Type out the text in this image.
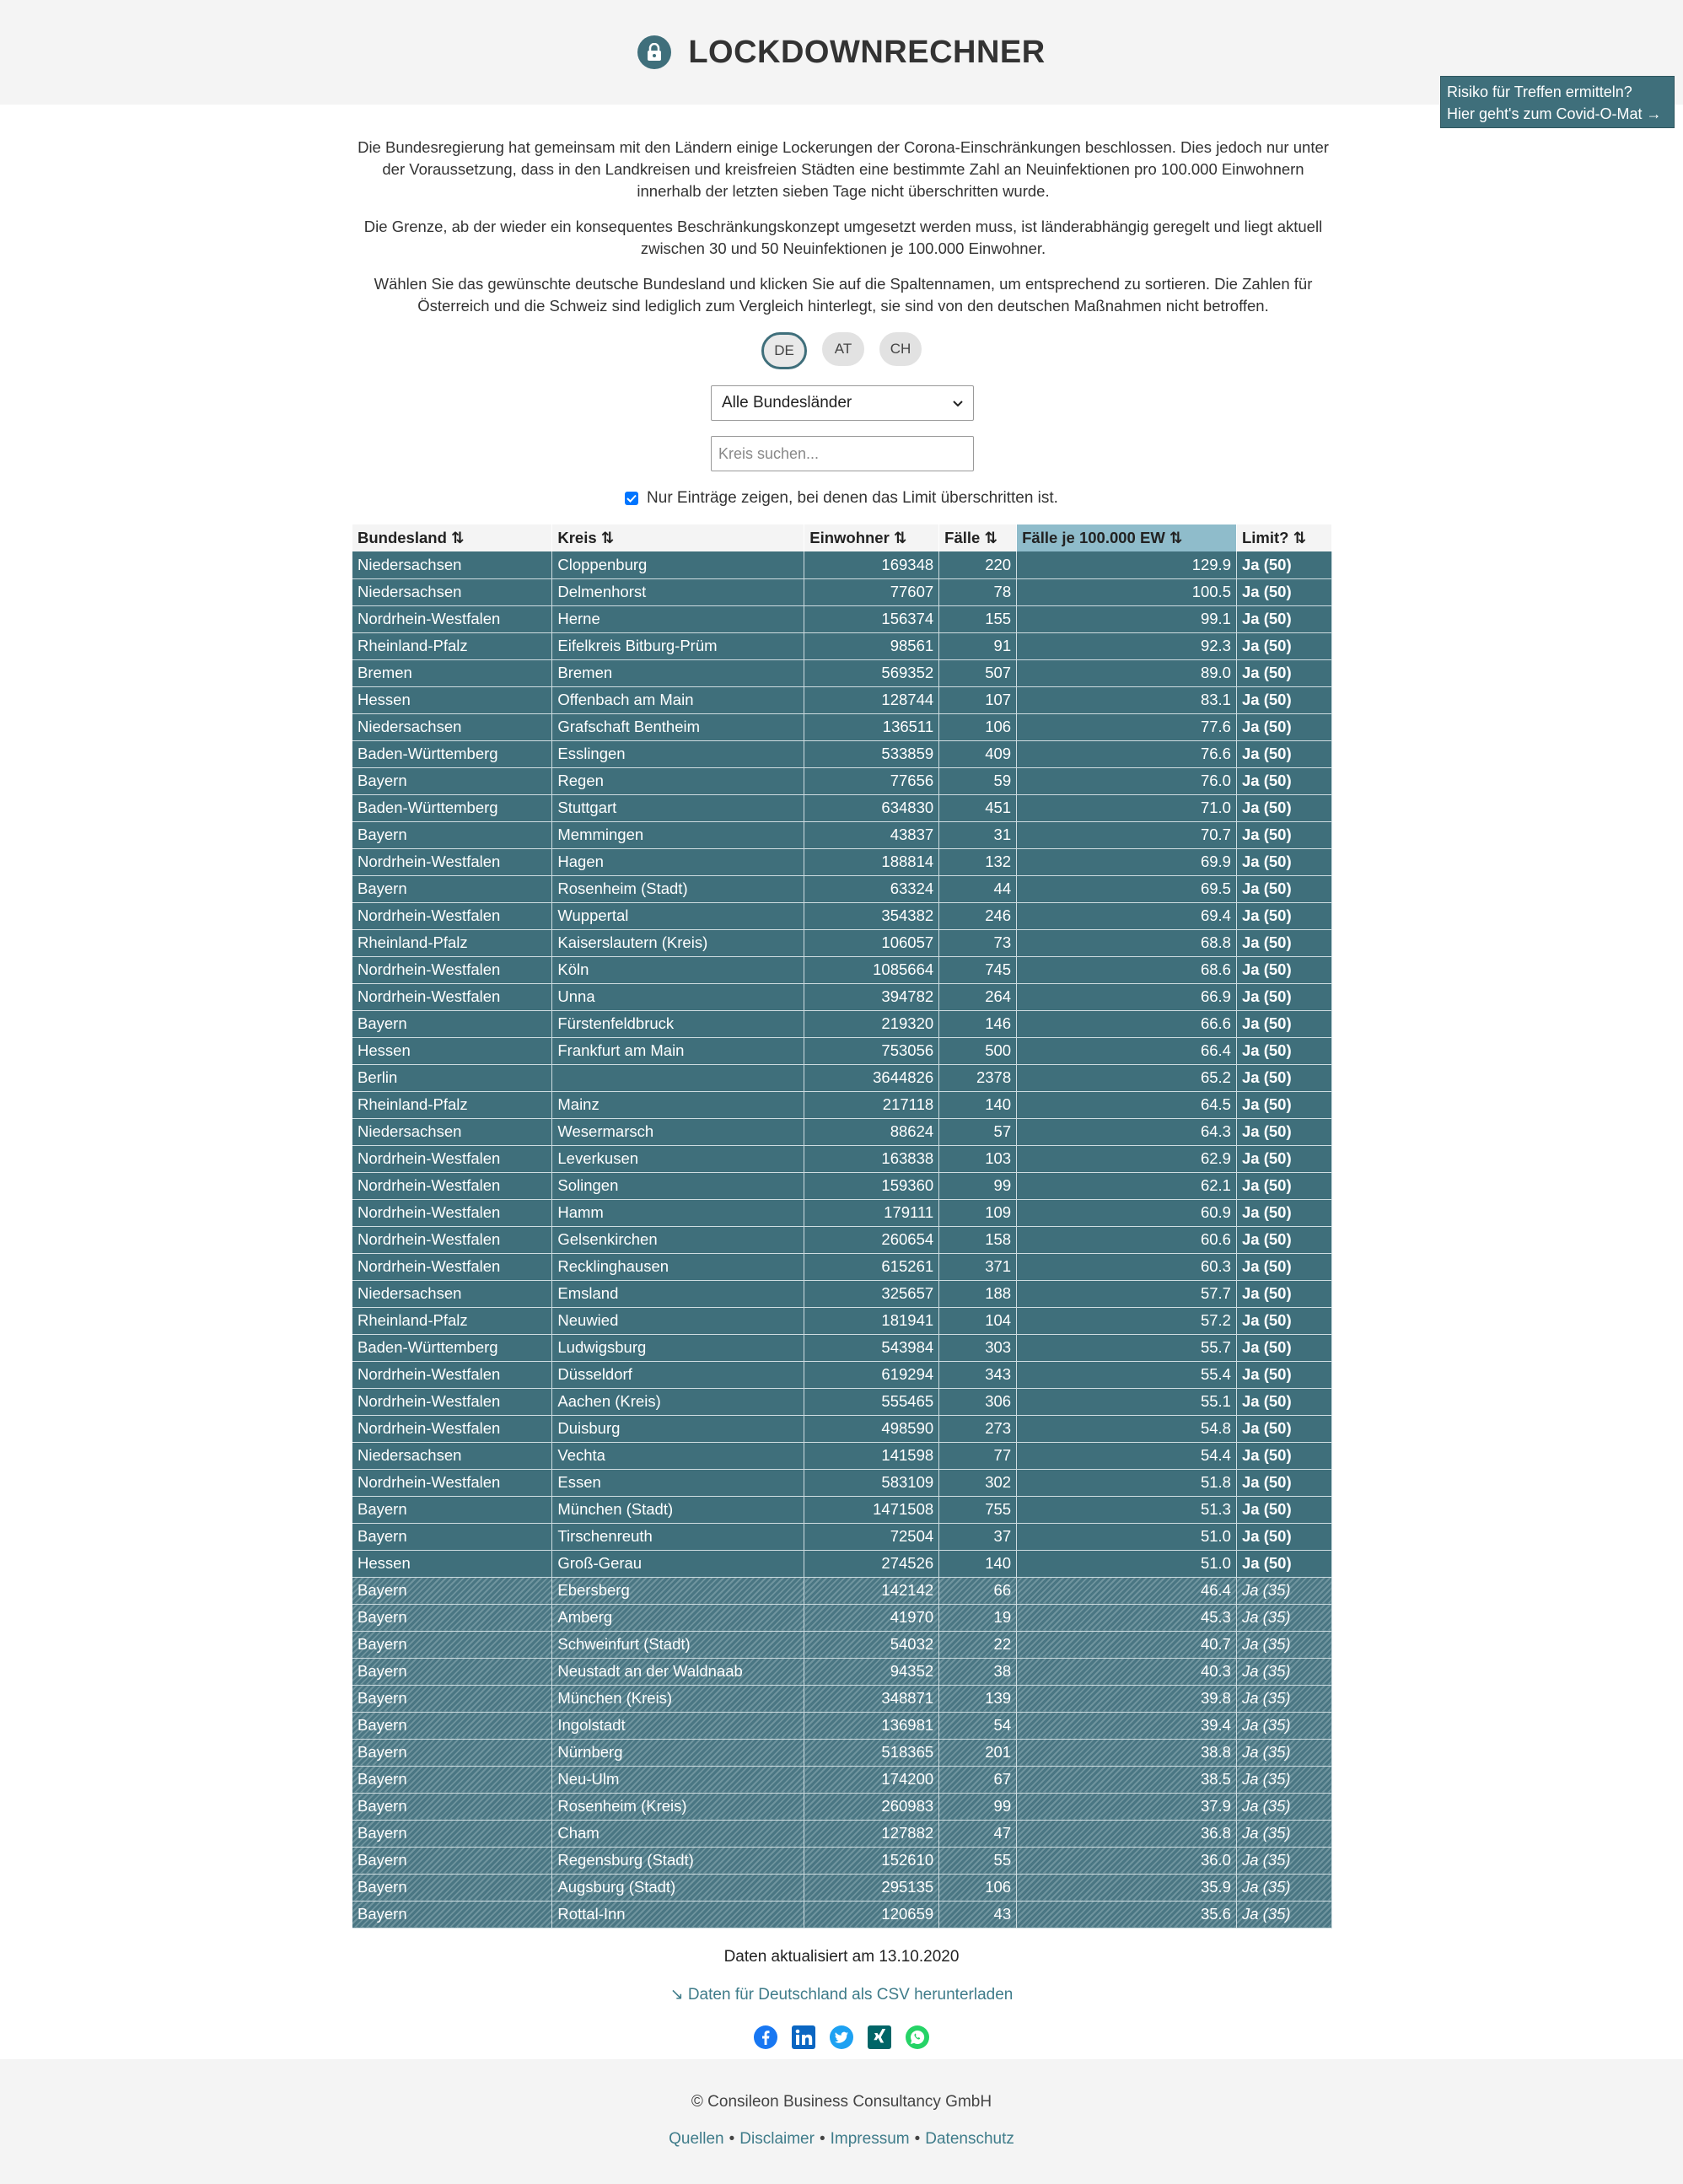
LOCKDOWNRECHNER
Risiko für Treffen ermitteln?
Hier geht's zum Covid-O-Mat →

Die Bundesregierung hat gemeinsam mit den Ländern einige Lockerungen der Corona-Einschränkungen beschlossen. Dies jedoch nur unter der Voraussetzung, dass in den Landkreisen und kreisfreien Städten eine bestimmte Zahl an Neuinfektionen pro 100.000 Einwohnern innerhalb der letzten sieben Tage nicht überschritten wurde.

Die Grenze, ab der wieder ein konsequentes Beschränkungskonzept umgesetzt werden muss, ist länderabhängig geregelt und liegt aktuell zwischen 30 und 50 Neuinfektionen je 100.000 Einwohner.

Wählen Sie das gewünschte deutsche Bundesland und klicken Sie auf die Spaltennamen, um entsprechend zu sortieren. Die Zahlen für Österreich und die Schweiz sind lediglich zum Vergleich hinterlegt, sie sind von den deutschen Maßnahmen nicht betroffen.

DE	AT	CH
Alle Bundesländer
Kreis suchen...
Nur Einträge zeigen, bei denen das Limit überschritten ist.
Bundesland ⇅	Kreis ⇅	Einwohner ⇅	Fälle ⇅	Fälle je 100.000 EW ⇅	Limit? ⇅
Niedersachsen	Cloppenburg	169348	220	129.9	Ja (50)
Niedersachsen	Delmenhorst	77607	78	100.5	Ja (50)
Nordrhein-Westfalen	Herne	156374	155	99.1	Ja (50)
Rheinland-Pfalz	Eifelkreis Bitburg-Prüm	98561	91	92.3	Ja (50)
Bremen	Bremen	569352	507	89.0	Ja (50)
Hessen	Offenbach am Main	128744	107	83.1	Ja (50)
Niedersachsen	Grafschaft Bentheim	136511	106	77.6	Ja (50)
Baden-Württemberg	Esslingen	533859	409	76.6	Ja (50)
Bayern	Regen	77656	59	76.0	Ja (50)
Baden-Württemberg	Stuttgart	634830	451	71.0	Ja (50)
Bayern	Memmingen	43837	31	70.7	Ja (50)
Nordrhein-Westfalen	Hagen	188814	132	69.9	Ja (50)
Bayern	Rosenheim (Stadt)	63324	44	69.5	Ja (50)
Nordrhein-Westfalen	Wuppertal	354382	246	69.4	Ja (50)
Rheinland-Pfalz	Kaiserslautern (Kreis)	106057	73	68.8	Ja (50)
Nordrhein-Westfalen	Köln	1085664	745	68.6	Ja (50)
Nordrhein-Westfalen	Unna	394782	264	66.9	Ja (50)
Bayern	Fürstenfeldbruck	219320	146	66.6	Ja (50)
Hessen	Frankfurt am Main	753056	500	66.4	Ja (50)
Berlin		3644826	2378	65.2	Ja (50)
Rheinland-Pfalz	Mainz	217118	140	64.5	Ja (50)
Niedersachsen	Wesermarsch	88624	57	64.3	Ja (50)
Nordrhein-Westfalen	Leverkusen	163838	103	62.9	Ja (50)
Nordrhein-Westfalen	Solingen	159360	99	62.1	Ja (50)
Nordrhein-Westfalen	Hamm	179111	109	60.9	Ja (50)
Nordrhein-Westfalen	Gelsenkirchen	260654	158	60.6	Ja (50)
Nordrhein-Westfalen	Recklinghausen	615261	371	60.3	Ja (50)
Niedersachsen	Emsland	325657	188	57.7	Ja (50)
Rheinland-Pfalz	Neuwied	181941	104	57.2	Ja (50)
Baden-Württemberg	Ludwigsburg	543984	303	55.7	Ja (50)
Nordrhein-Westfalen	Düsseldorf	619294	343	55.4	Ja (50)
Nordrhein-Westfalen	Aachen (Kreis)	555465	306	55.1	Ja (50)
Nordrhein-Westfalen	Duisburg	498590	273	54.8	Ja (50)
Niedersachsen	Vechta	141598	77	54.4	Ja (50)
Nordrhein-Westfalen	Essen	583109	302	51.8	Ja (50)
Bayern	München (Stadt)	1471508	755	51.3	Ja (50)
Bayern	Tirschenreuth	72504	37	51.0	Ja (50)
Hessen	Groß-Gerau	274526	140	51.0	Ja (50)
Bayern	Ebersberg	142142	66	46.4	Ja (35)
Bayern	Amberg	41970	19	45.3	Ja (35)
Bayern	Schweinfurt (Stadt)	54032	22	40.7	Ja (35)
Bayern	Neustadt an der Waldnaab	94352	38	40.3	Ja (35)
Bayern	München (Kreis)	348871	139	39.8	Ja (35)
Bayern	Ingolstadt	136981	54	39.4	Ja (35)
Bayern	Nürnberg	518365	201	38.8	Ja (35)
Bayern	Neu-Ulm	174200	67	38.5	Ja (35)
Bayern	Rosenheim (Kreis)	260983	99	37.9	Ja (35)
Bayern	Cham	127882	47	36.8	Ja (35)
Bayern	Regensburg (Stadt)	152610	55	36.0	Ja (35)
Bayern	Augsburg (Stadt)	295135	106	35.9	Ja (35)
Bayern	Rottal-Inn	120659	43	35.6	Ja (35)
Daten aktualisiert am 13.10.2020
↘ Daten für Deutschland als CSV herunterladen
© Consileon Business Consultancy GmbH
Quellen • Disclaimer • Impressum • Datenschutz
